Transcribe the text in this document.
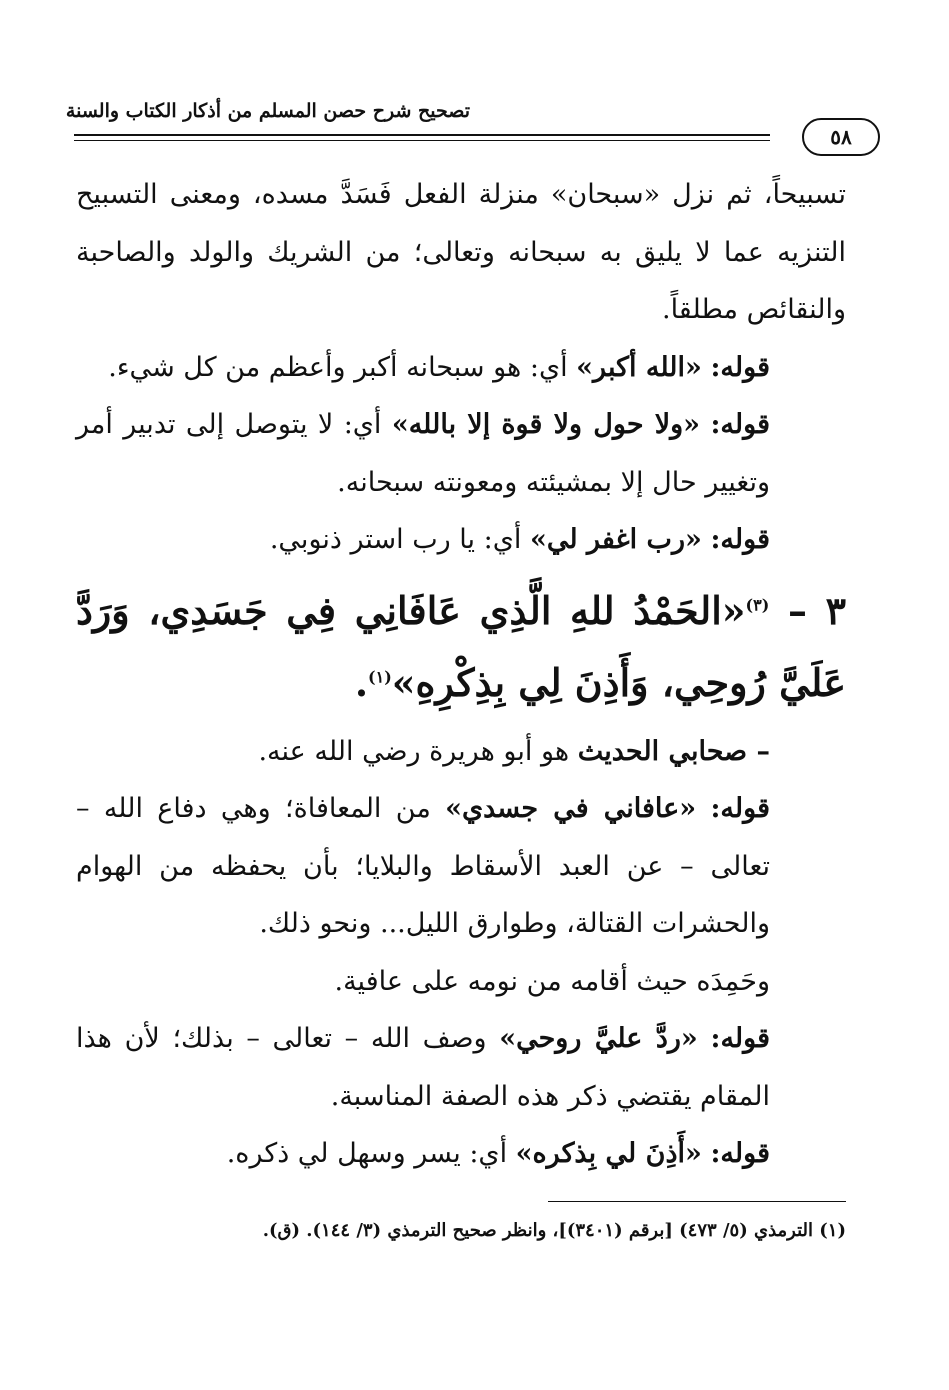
تصحيح شرح حصن المسلم من أذكار الكتاب والسنة
٥٨

تسبيحاً، ثم نزل «سبحان» منزلة الفعل فَسَدَّ مسده، ومعنى التسبيح التنزيه عما لا يليق به سبحانه وتعالى؛ من الشريك والولد والصاحبة والنقائص مطلقاً.

قوله: «الله أكبر» أي: هو سبحانه أكبر وأعظم من كل شيء.

قوله: «ولا حول ولا قوة إلا بالله» أي: لا يتوصل إلى تدبير أمر وتغيير حال إلا بمشيئته ومعونته سبحانه.

قوله: «رب اغفر لي» أي: يا رب استر ذنوبي.

٣ – $^{(٣)}$«الحَمْدُ للهِ الَّذِي عَافَانِي فِي جَسَدِي، وَرَدَّ عَلَيَّ رُوحِي، وَأَذِنَ لِي بِذِكْرِهِ»$^{(١)}$.

– صحابي الحديث هو أبو هريرة رضي الله عنه.

قوله: «عافاني في جسدي» من المعافاة؛ وهي دفاع الله – تعالى – عن العبد الأسقاط والبلايا؛ بأن يحفظه من الهوام والحشرات القتالة، وطوارق الليل... ونحو ذلك.

وحَمِدَه حيث أقامه من نومه على عافية.

قوله: «ردَّ عليَّ روحي» وصف الله – تعالى – بذلك؛ لأن هذا المقام يقتضي ذكر هذه الصفة المناسبة.

قوله: «أَذِنَ لي بِذكره» أي: يسر وسهل لي ذكره.

(١) الترمذي (٥/ ٤٧٣) [برقم (٣٤٠١)]، وانظر صحيح الترمذي (٣/ ١٤٤). (ق).
